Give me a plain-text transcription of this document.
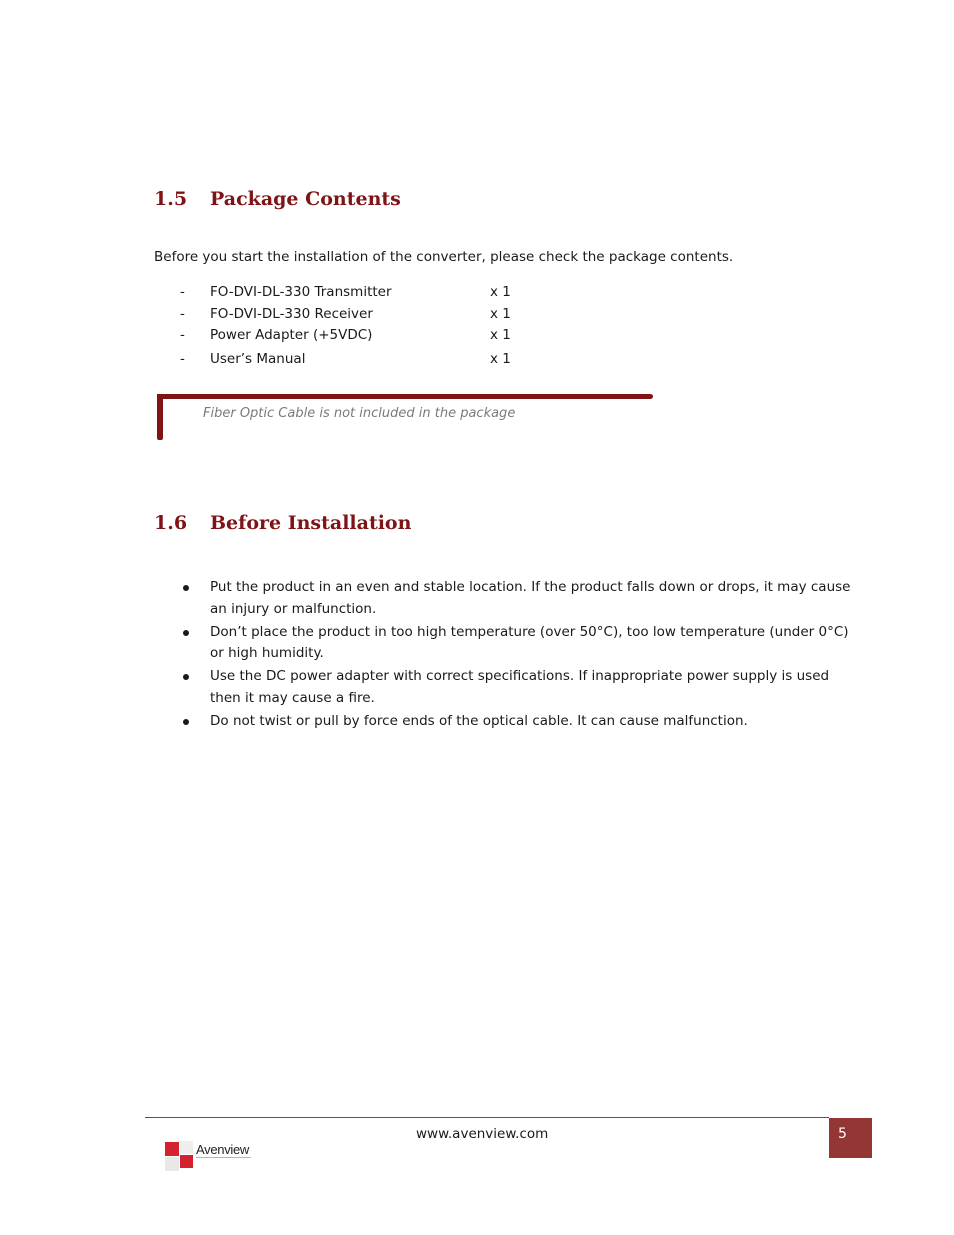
1.5 Package Contents
Before you start the installation of the converter, please check the package contents.
- FO-DVI-DL-330 Transmitter	x 1
- FO-DVI-DL-330 Receiver	x 1
- Power Adapter (+5VDC)	x 1
- User’s Manual	x 1
Fiber Optic Cable is not included in the package
1.6 Before Installation
Put the product in an even and stable location. If the product falls down or drops, it may cause an injury or malfunction.
Don’t place the product in too high temperature (over 50°C), too low temperature (under 0°C) or high humidity.
Use the DC power adapter with correct specifications. If inappropriate power supply is used then it may cause a fire.
Do not twist or pull by force ends of the optical cable. It can cause malfunction.
www.avenview.com	5
Avenview
